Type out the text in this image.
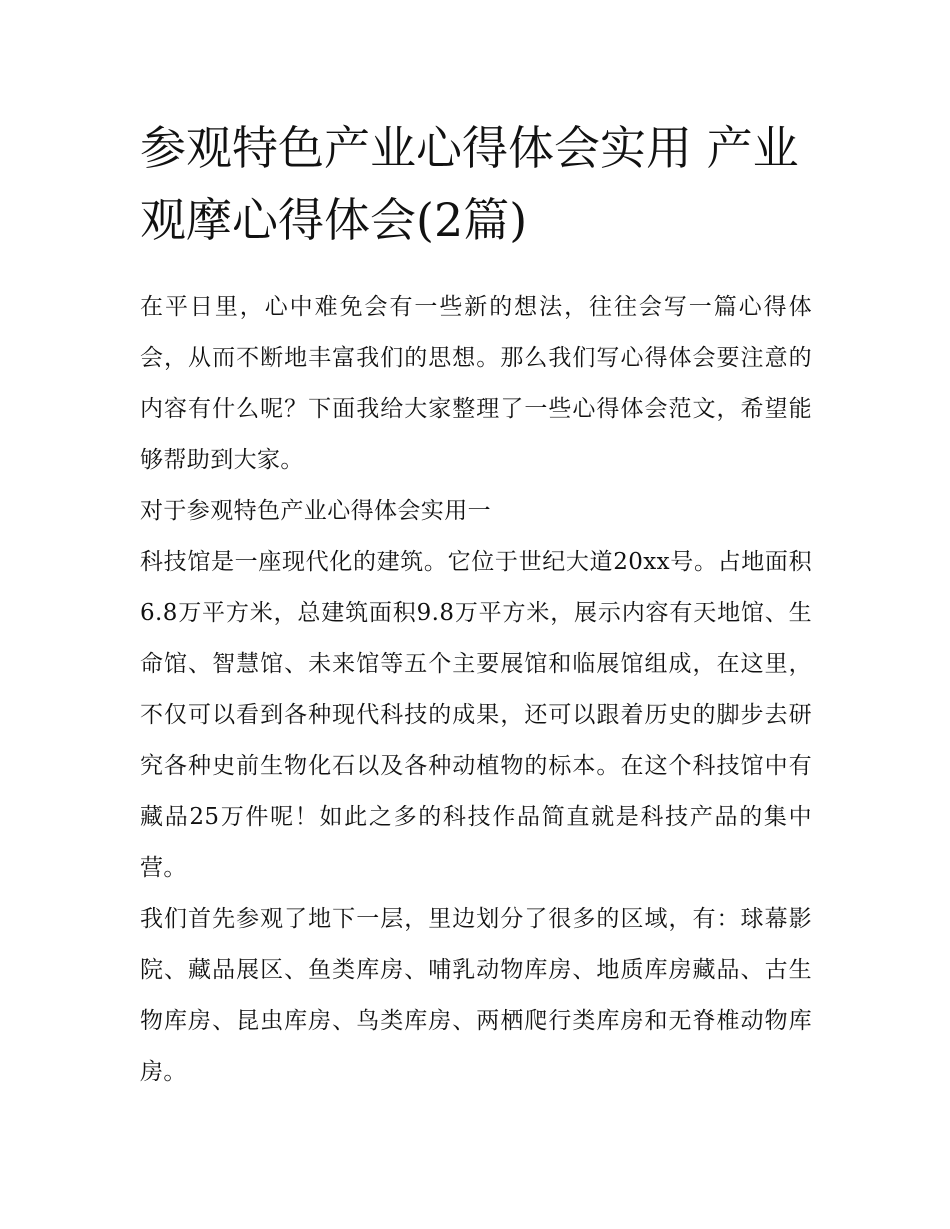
参观特色产业心得体会实用 产业观摩心得体会(2篇)

在平日里，心中难免会有一些新的想法，往往会写一篇心得体会，从而不断地丰富我们的思想。那么我们写心得体会要注意的内容有什么呢？下面我给大家整理了一些心得体会范文，希望能够帮助到大家。

对于参观特色产业心得体会实用一

科技馆是一座现代化的建筑。它位于世纪大道20xx号。占地面积6.8万平方米，总建筑面积9.8万平方米，展示内容有天地馆、生命馆、智慧馆、未来馆等五个主要展馆和临展馆组成，在这里，不仅可以看到各种现代科技的成果，还可以跟着历史的脚步去研究各种史前生物化石以及各种动植物的标本。在这个科技馆中有藏品25万件呢！如此之多的科技作品简直就是科技产品的集中营。

我们首先参观了地下一层，里边划分了很多的区域，有：球幕影院、藏品展区、鱼类库房、哺乳动物库房、地质库房藏品、古生物库房、昆虫库房、鸟类库房、两栖爬行类库房和无脊椎动物库房。
